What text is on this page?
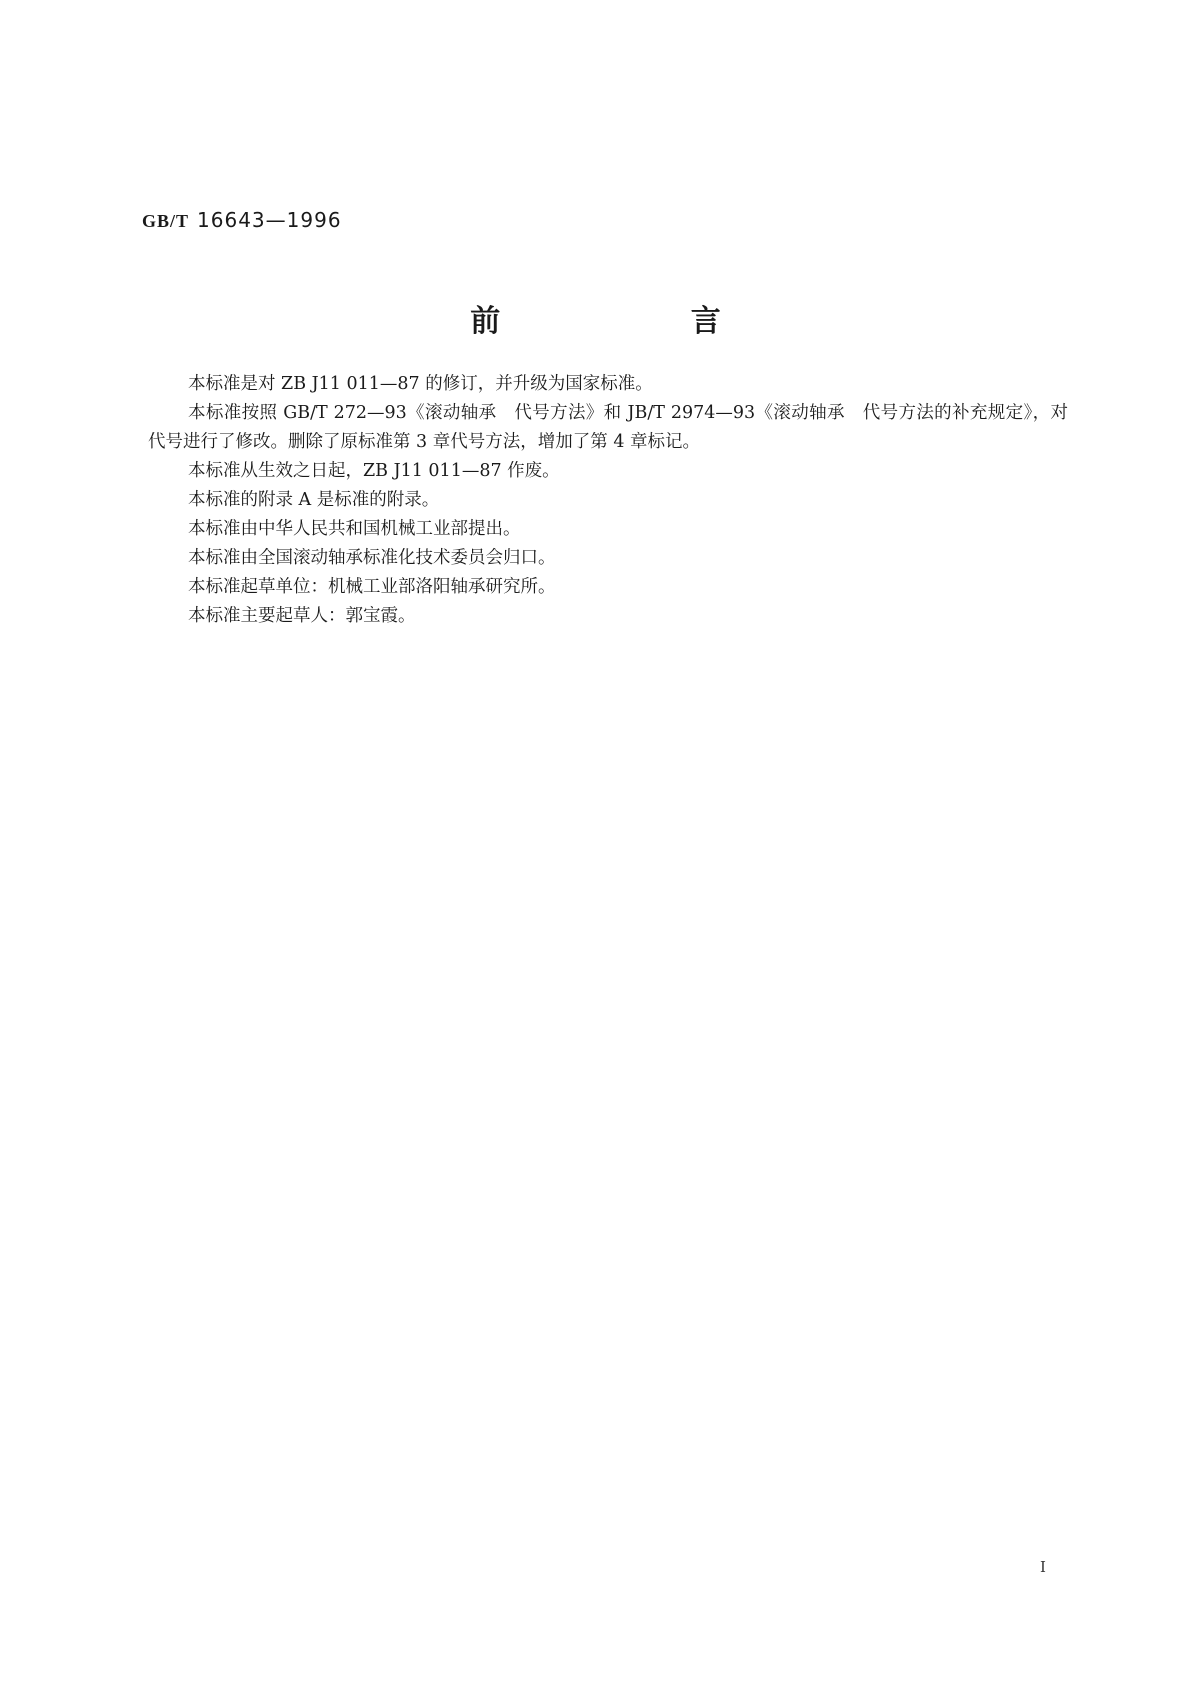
GB/T 16643—1996
前 言

本标准是对 ZB J11 011—87 的修订，并升级为国家标准。

本标准按照 GB/T 272—93《滚动轴承　代号方法》和 JB/T 2974—93《滚动轴承　代号方法的补充规定》，对代号进行了修改。删除了原标准第 3 章代号方法，增加了第 4 章标记。

本标准从生效之日起，ZB J11 011—87 作废。

本标准的附录 A 是标准的附录。

本标准由中华人民共和国机械工业部提出。

本标准由全国滚动轴承标准化技术委员会归口。

本标准起草单位：机械工业部洛阳轴承研究所。

本标准主要起草人：郭宝霞。

I
